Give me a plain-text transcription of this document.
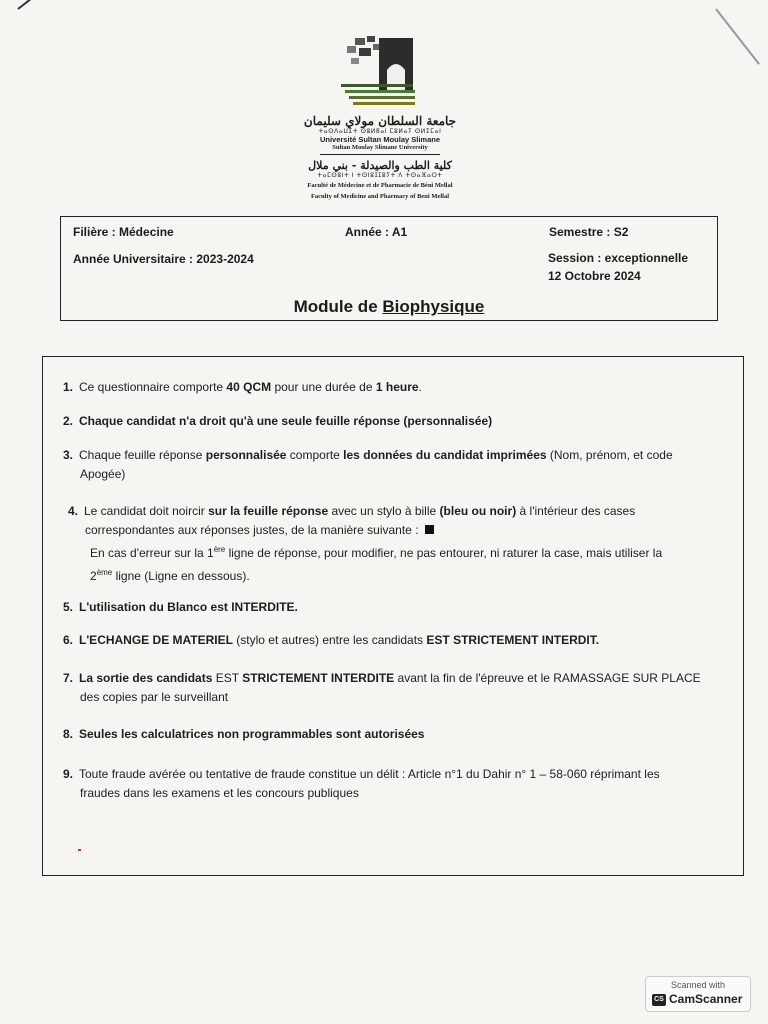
جامعة السلطان مولاي سليمان
ⵜⴰⵙⴷⴰⵡⵉⵜ ⵙⵓⵍⵟⴰⵏ ⵎⵓⵍⴰⵢ ⵙⵍⵉⵎⴰⵏ
Université Sultan Moulay Slimane
Sultan Moulay Slimane University
كلية الطب والصيدلة - بني ملال
ⵜⴰⵎⵙⵓⵏⵜ ⵏ ⵜⵙⵏⵓⵊⵊⵓⵢⵜ ⴷ ⵜⵙⴰⴼⴰⵔⵜ
Faculté de Médecine et de Pharmacie de Béni Mellal
Faculty of Medicine and Pharmacy of Beni Mellal
Filière : Médecine	Année : A1	Semestre : S2
Année Universitaire : 2023-2024	Session : exceptionnelle
12 Octobre 2024
Module de Biophysique
1. Ce questionnaire comporte 40 QCM pour une durée de 1 heure.
2. Chaque candidat n'a droit qu'à une seule feuille réponse (personnalisée)
3. Chaque feuille réponse personnalisée comporte les données du candidat imprimées (Nom, prénom, et code
Apogée)
4. Le candidat doit noircir sur la feuille réponse avec un stylo à bille (bleu ou noir) à l'intérieur des cases
correspondantes aux réponses justes, de la manière suivante :
En cas d'erreur sur la 1ère ligne de réponse, pour modifier, ne pas entourer, ni raturer la case, mais utiliser la
2ème ligne (Ligne en dessous).
5. L'utilisation du Blanco est INTERDITE.
6. L'ECHANGE DE MATERIEL (stylo et autres) entre les candidats EST STRICTEMENT INTERDIT.
7. La sortie des candidats EST STRICTEMENT INTERDITE avant la fin de l'épreuve et le RAMASSAGE SUR PLACE
des copies par le surveillant
8. Seules les calculatrices non programmables sont autorisées
9. Toute fraude avérée ou tentative de fraude constitue un délit : Article n°1 du Dahir n° 1 – 58-060 réprimant les
fraudes dans les examens et les concours publiques
Scanned with
CS CamScanner
